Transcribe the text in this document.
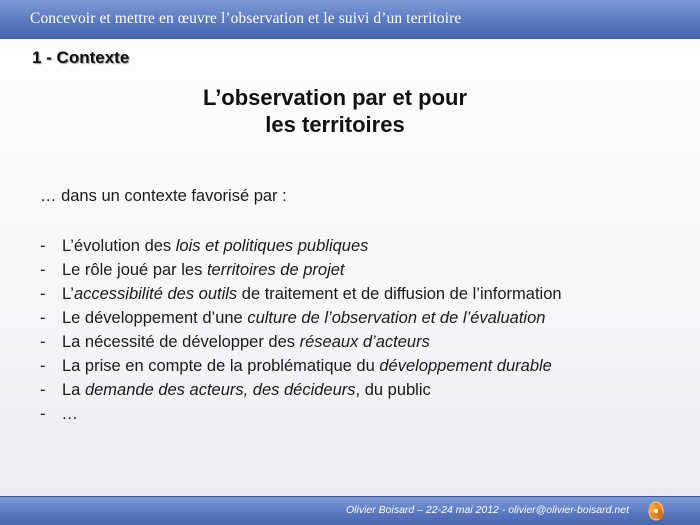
Concevoir et mettre en œuvre l’observation et le suivi d’un territoire
1 - Contexte
L’observation par et pour
les territoires
… dans un contexte favorisé par :
- L’évolution des lois et politiques publiques
- Le rôle joué par les territoires de projet
- L’accessibilité des outils de traitement et de diffusion de l’information
- Le développement d’une culture de l’observation et de l’évaluation
- La nécessité de développer des réseaux d’acteurs
- La prise en compte de la problématique du développement durable
- La demande des acteurs, des décideurs, du public
- …
Olivier Boisard – 22-24 mai 2012 - olivier@olivier-boisard.net
